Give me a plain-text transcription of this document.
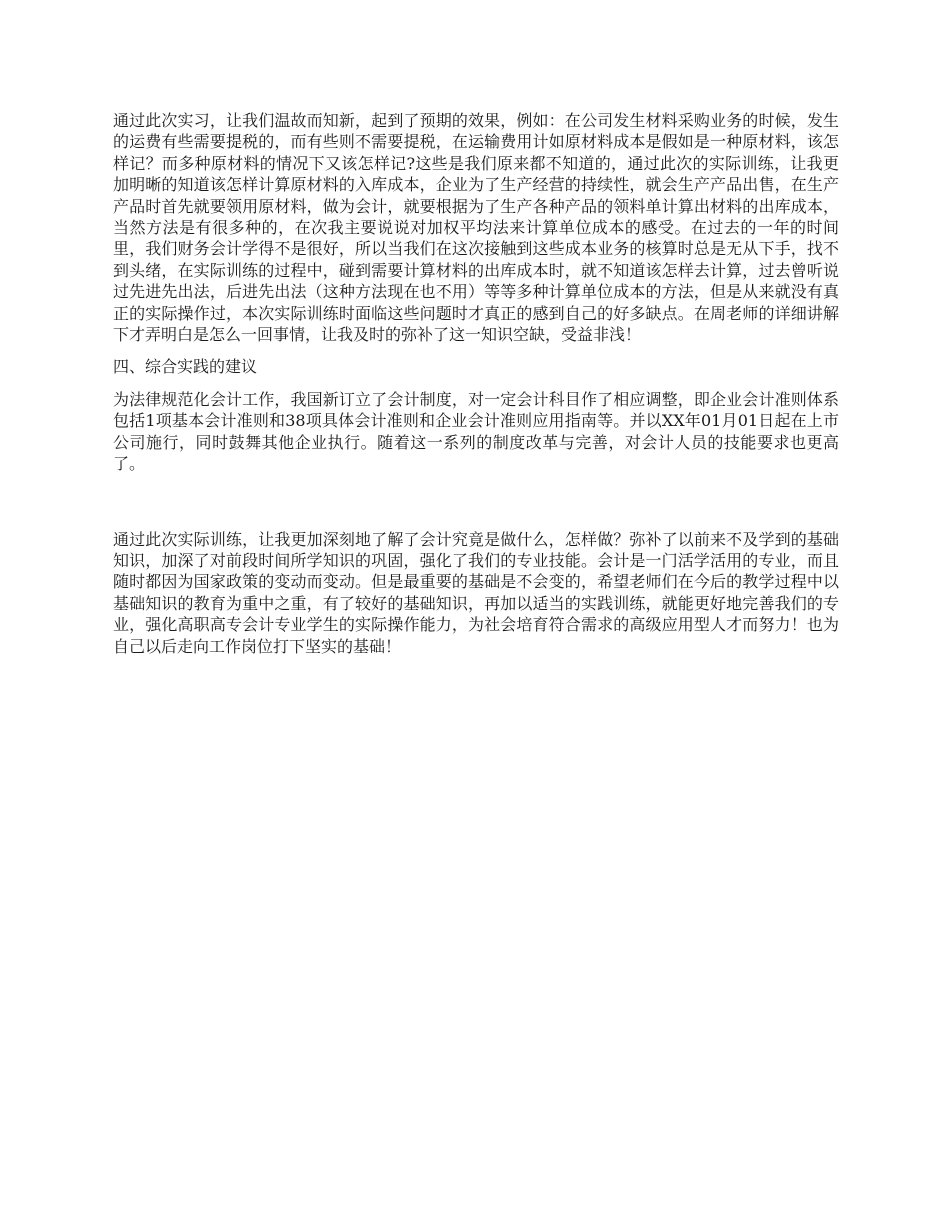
通过此次实习，让我们温故而知新，起到了预期的效果，例如：在公司发生材料采购业务的时候，发生的运费有些需要提税的，而有些则不需要提税，在运输费用计如原材料成本是假如是一种原材料，该怎样记？而多种原材料的情况下又该怎样记?这些是我们原来都不知道的，通过此次的实际训练，让我更加明晰的知道该怎样计算原材料的入库成本，企业为了生产经营的持续性，就会生产产品出售，在生产产品时首先就要领用原材料，做为会计，就要根据为了生产各种产品的领料单计算出材料的出库成本，当然方法是有很多种的，在次我主要说说对加权平均法来计算单位成本的感受。在过去的一年的时间里，我们财务会计学得不是很好，所以当我们在这次接触到这些成本业务的核算时总是无从下手，找不到头绪，在实际训练的过程中，碰到需要计算材料的出库成本时，就不知道该怎样去计算，过去曾听说过先进先出法，后进先出法（这种方法现在也不用）等等多种计算单位成本的方法，但是从来就没有真正的实际操作过，本次实际训练时面临这些问题时才真正的感到自己的好多缺点。在周老师的详细讲解下才弄明白是怎么一回事情，让我及时的弥补了这一知识空缺，受益非浅！

四、综合实践的建议

为法律规范化会计工作，我国新订立了会计制度，对一定会计科目作了相应调整，即企业会计准则体系包括1项基本会计准则和38项具体会计准则和企业会计准则应用指南等。并以XX年01月01日起在上市公司施行，同时鼓舞其他企业执行。随着这一系列的制度改革与完善，对会计人员的技能要求也更高了。

通过此次实际训练，让我更加深刻地了解了会计究竟是做什么，怎样做？弥补了以前来不及学到的基础知识，加深了对前段时间所学知识的巩固，强化了我们的专业技能。会计是一门活学活用的专业，而且随时都因为国家政策的变动而变动。但是最重要的基础是不会变的，希望老师们在今后的教学过程中以基础知识的教育为重中之重，有了较好的基础知识，再加以适当的实践训练，就能更好地完善我们的专业，强化高职高专会计专业学生的实际操作能力，为社会培育符合需求的高级应用型人才而努力！也为自己以后走向工作岗位打下坚实的基础！
